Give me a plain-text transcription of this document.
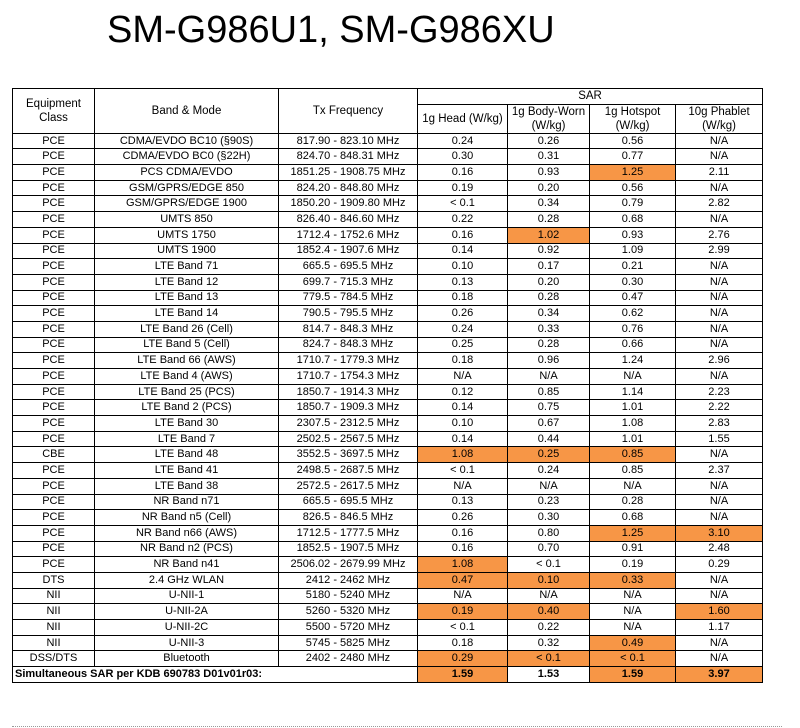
SM-G986U1, SM-G986XU
Equipment Class	Band & Mode	Tx Frequency	SAR			
			1g Head (W/kg)	1g Body-Worn (W/kg)	1g Hotspot (W/kg)	10g Phablet (W/kg)
PCE	CDMA/EVDO BC10 (§90S)	817.90 - 823.10 MHz	0.24	0.26	0.56	N/A
PCE	CDMA/EVDO BC0 (§22H)	824.70 - 848.31 MHz	0.30	0.31	0.77	N/A
PCE	PCS CDMA/EVDO	1851.25 - 1908.75 MHz	0.16	0.93	1.25	2.11
PCE	GSM/GPRS/EDGE 850	824.20 - 848.80 MHz	0.19	0.20	0.56	N/A
PCE	GSM/GPRS/EDGE 1900	1850.20 - 1909.80 MHz	< 0.1	0.34	0.79	2.82
PCE	UMTS 850	826.40 - 846.60 MHz	0.22	0.28	0.68	N/A
PCE	UMTS 1750	1712.4 - 1752.6 MHz	0.16	1.02	0.93	2.76
PCE	UMTS 1900	1852.4 - 1907.6 MHz	0.14	0.92	1.09	2.99
PCE	LTE Band 71	665.5 - 695.5 MHz	0.10	0.17	0.21	N/A
PCE	LTE Band 12	699.7 - 715.3 MHz	0.13	0.20	0.30	N/A
PCE	LTE Band 13	779.5 - 784.5 MHz	0.18	0.28	0.47	N/A
PCE	LTE Band 14	790.5 - 795.5 MHz	0.26	0.34	0.62	N/A
PCE	LTE Band 26 (Cell)	814.7 - 848.3 MHz	0.24	0.33	0.76	N/A
PCE	LTE Band 5 (Cell)	824.7 - 848.3 MHz	0.25	0.28	0.66	N/A
PCE	LTE Band 66 (AWS)	1710.7 - 1779.3 MHz	0.18	0.96	1.24	2.96
PCE	LTE Band 4 (AWS)	1710.7 - 1754.3 MHz	N/A	N/A	N/A	N/A
PCE	LTE Band 25 (PCS)	1850.7 - 1914.3 MHz	0.12	0.85	1.14	2.23
PCE	LTE Band 2 (PCS)	1850.7 - 1909.3 MHz	0.14	0.75	1.01	2.22
PCE	LTE Band 30	2307.5 - 2312.5 MHz	0.10	0.67	1.08	2.83
PCE	LTE Band 7	2502.5 - 2567.5 MHz	0.14	0.44	1.01	1.55
CBE	LTE Band 48	3552.5 - 3697.5 MHz	1.08	0.25	0.85	N/A
PCE	LTE Band 41	2498.5 - 2687.5 MHz	< 0.1	0.24	0.85	2.37
PCE	LTE Band 38	2572.5 - 2617.5 MHz	N/A	N/A	N/A	N/A
PCE	NR Band n71	665.5 - 695.5 MHz	0.13	0.23	0.28	N/A
PCE	NR Band n5 (Cell)	826.5 - 846.5 MHz	0.26	0.30	0.68	N/A
PCE	NR Band n66 (AWS)	1712.5 - 1777.5 MHz	0.16	0.80	1.25	3.10
PCE	NR Band n2 (PCS)	1852.5 - 1907.5 MHz	0.16	0.70	0.91	2.48
PCE	NR Band n41	2506.02 - 2679.99 MHz	1.08	< 0.1	0.19	0.29
DTS	2.4 GHz WLAN	2412 - 2462 MHz	0.47	0.10	0.33	N/A
NII	U-NII-1	5180 - 5240 MHz	N/A	N/A	N/A	N/A
NII	U-NII-2A	5260 - 5320 MHz	0.19	0.40	N/A	1.60
NII	U-NII-2C	5500 - 5720 MHz	< 0.1	0.22	N/A	1.17
NII	U-NII-3	5745 - 5825 MHz	0.18	0.32	0.49	N/A
DSS/DTS	Bluetooth	2402 - 2480 MHz	0.29	< 0.1	< 0.1	N/A
Simultaneous SAR per KDB 690783 D01v01r03:			1.59	1.53	1.59	3.97
